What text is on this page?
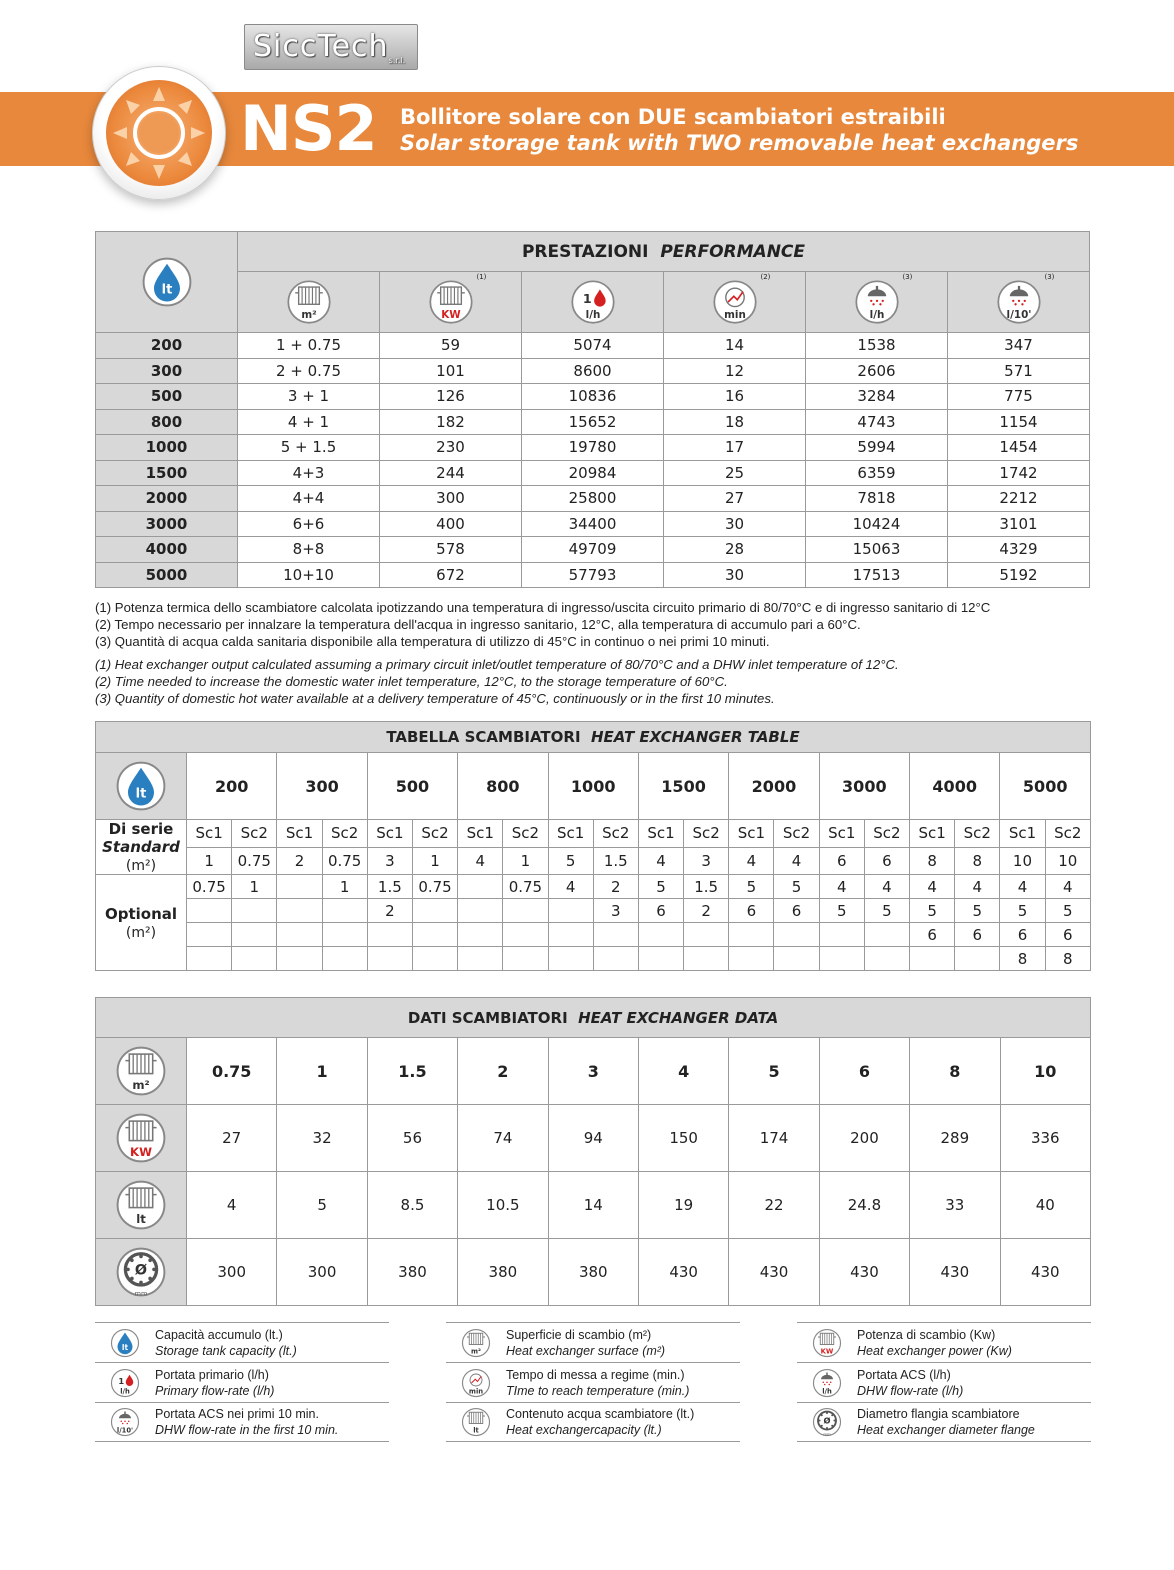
SiccTech$_{s.r.l.}$
NS2 Bollitore solare con DUE scambiatori estraibili
Solar storage tank with TWO removable heat exchangers
lt	PRESTAZIONI PERFORMANCE					

m²	KW
(1)	1
l/h	min
(2)	l/h
(3)	l/10'
(3)

200	1 + 0.75	59	5074	14	1538	347
300	2 + 0.75	101	8600	12	2606	571
500	3 + 1	126	10836	16	3284	775
800	4 + 1	182	15652	18	4743	1154
1000	5 + 1.5	230	19780	17	5994	1454
1500	4+3	244	20984	25	6359	1742
2000	4+4	300	25800	27	7818	2212
3000	6+6	400	34400	30	10424	3101
4000	8+8	578	49709	28	15063	4329
5000	10+10	672	57793	30	17513	5192
(1) Potenza termica dello scambiatore calcolata ipotizzando una temperatura di ingresso/uscita circuito primario di 80/70°C e di ingresso sanitario di 12°C
(2) Tempo necessario per innalzare la temperatura dell'acqua in ingresso sanitario, 12°C, alla temperatura di accumulo pari a 60°C.
(3) Quantità di acqua calda sanitaria disponibile alla temperatura di utilizzo di 45°C in continuo o nei primi 10 minuti.
(1) Heat exchanger output calculated assuming a primary circuit inlet/outlet temperature of 80/70°C and a DHW inlet temperature of 12°C.
(2) Time needed to increase the domestic water inlet temperature, 12°C, to the storage temperature of 60°C.
(3) Quantity of domestic hot water available at a delivery temperature of 45°C, continuously or in the first 10 minutes.
TABELLA SCAMBIATORI HEAT EXCHANGER TABLE																				

lt	200		300		500		800		1000		1500		2000		3000		4000		5000	
Di serie
Standard
(m²)	Sc1	Sc2	Sc1	Sc2	Sc1	Sc2	Sc1	Sc2	Sc1	Sc2	Sc1	Sc2	Sc1	Sc2	Sc1	Sc2	Sc1	Sc2	Sc1	Sc2
	1	0.75	2	0.75	3	1	4	1	5	1.5	4	3	4	4	6	6	8	8	10	10
Optional
(m²)	0.75	1		1	1.5	0.75		0.75	4	2	5	1.5	5	5	4	4	4	4	4	4
					2					3	6	2	6	6	5	5	5	5	5	5
																	6	6	6	6
																			8	8
DATI SCAMBIATORI HEAT EXCHANGER DATA										

m²	0.75	1	1.5	2	3	4	5	6	8	10

KW	27	32	56	74	94	150	174	200	289	336

lt	4	5	8.5	10.5	14	19	22	24.8	33	40

Ø
mm	300	300	380	380	380	430	430	430	430	430
lt
Capacità accumulo (lt.)
Storage tank capacity (lt.)
1
l/h
Portata primario (l/h)
Primary flow-rate (l/h)
l/10'
Portata ACS nei primi 10 min.
DHW flow-rate in the first 10 min.
m²
Superficie di scambio (m²)
Heat exchanger surface (m²)
min
Tempo di messa a regime (min.)
TIme to reach temperature (min.)
lt
Contenuto acqua scambiatore (lt.)
Heat exchangercapacity (lt.)
KW
Potenza di scambio (Kw)
Heat exchanger power (Kw)
l/h
Portata ACS (l/h)
DHW flow-rate (l/h)
Ø
mm
Diametro flangia scambiatore
Heat exchanger diameter flange
